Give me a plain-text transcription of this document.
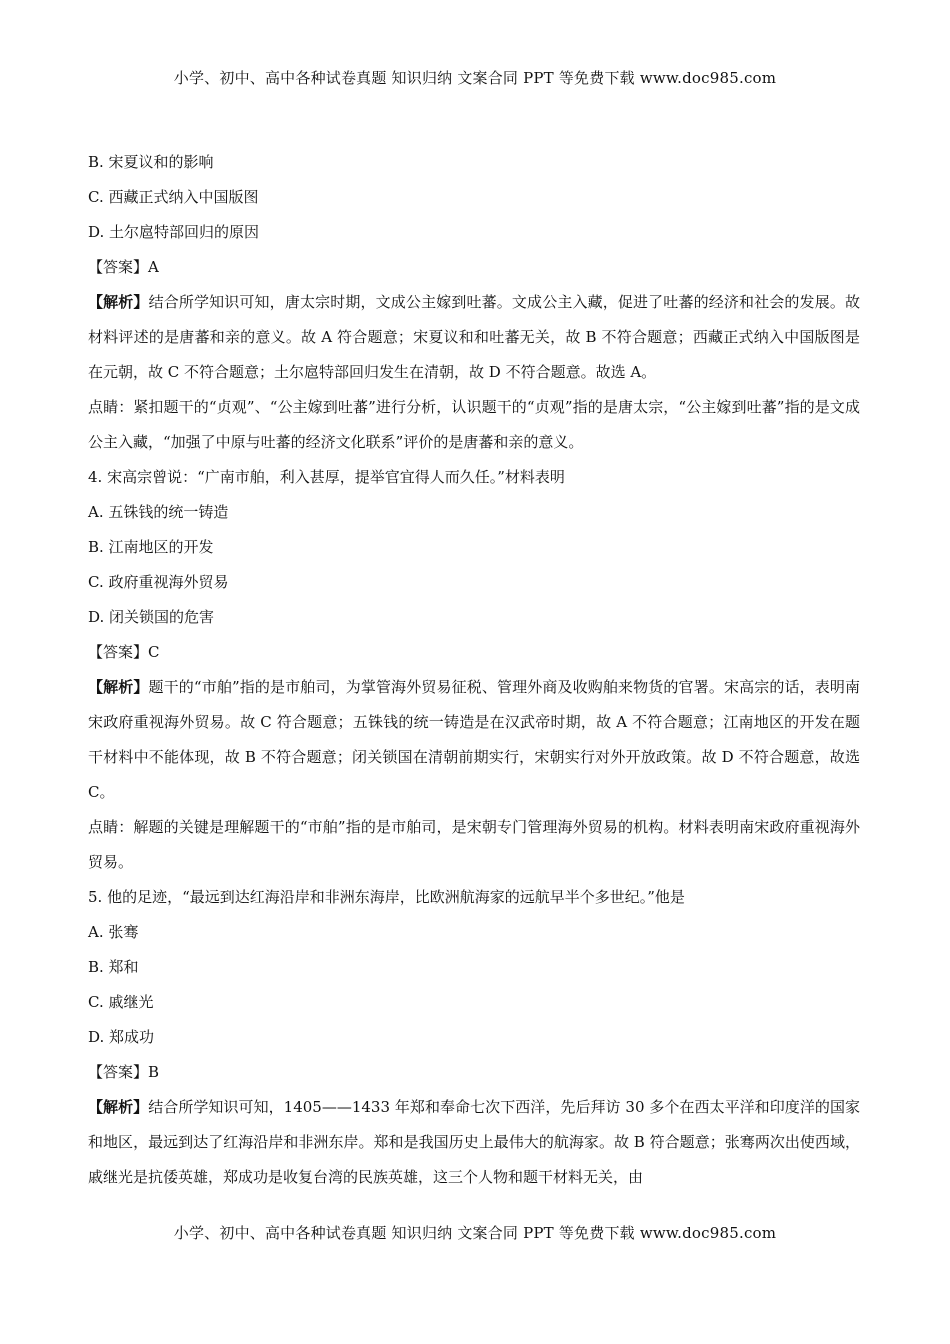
小学、初中、高中各种试卷真题 知识归纳 文案合同 PPT 等免费下载 www.doc985.com
B. 宋夏议和的影响
C. 西藏正式纳入中国版图
D. 土尔扈特部回归的原因
【答案】A
【解析】结合所学知识可知，唐太宗时期，文成公主嫁到吐蕃。文成公主入藏，促进了吐蕃的经济和社会的发展。故材料评述的是唐蕃和亲的意义。故 A 符合题意；宋夏议和和吐蕃无关，故 B 不符合题意；西藏正式纳入中国版图是在元朝，故 C 不符合题意；土尔扈特部回归发生在清朝，故 D 不符合题意。故选 A。
点睛：紧扣题干的“贞观”、“公主嫁到吐蕃”进行分析，认识题干的“贞观”指的是唐太宗，“公主嫁到吐蕃”指的是文成公主入藏，“加强了中原与吐蕃的经济文化联系”评价的是唐蕃和亲的意义。
4. 宋高宗曾说：“广南市舶，利入甚厚，提举官宜得人而久任。”材料表明
A. 五铢钱的统一铸造
B. 江南地区的开发
C. 政府重视海外贸易
D. 闭关锁国的危害
【答案】C
【解析】题干的“市舶”指的是市舶司，为掌管海外贸易征税、管理外商及收购舶来物货的官署。宋高宗的话，表明南宋政府重视海外贸易。故 C 符合题意；五铢钱的统一铸造是在汉武帝时期，故 A 不符合题意；江南地区的开发在题干材料中不能体现，故 B 不符合题意；闭关锁国在清朝前期实行，宋朝实行对外开放政策。故 D 不符合题意，故选 C。
点睛：解题的关键是理解题干的“市舶”指的是市舶司，是宋朝专门管理海外贸易的机构。材料表明南宋政府重视海外贸易。
5. 他的足迹，“最远到达红海沿岸和非洲东海岸，比欧洲航海家的远航早半个多世纪。”他是
A. 张骞
B. 郑和
C. 戚继光
D. 郑成功
【答案】B
【解析】结合所学知识可知，1405——1433 年郑和奉命七次下西洋，先后拜访 30 多个在西太平洋和印度洋的国家和地区，最远到达了红海沿岸和非洲东岸。郑和是我国历史上最伟大的航海家。故 B 符合题意；张骞两次出使西域，戚继光是抗倭英雄，郑成功是收复台湾的民族英雄，这三个人物和题干材料无关，由
小学、初中、高中各种试卷真题 知识归纳 文案合同 PPT 等免费下载 www.doc985.com
